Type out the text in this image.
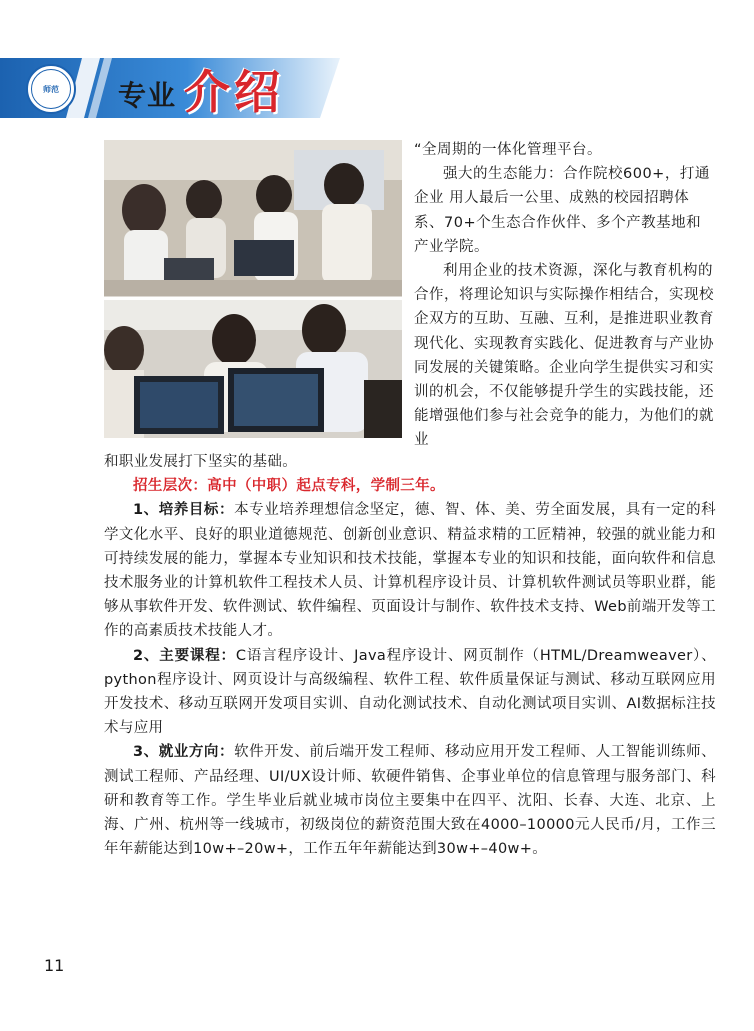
师范	专业 介绍

“全周期的一体化管理平台。

强大的生态能力：合作院校600+，打通企业 用人最后一公里、成熟的校园招聘体系、70+个生态合作伙伴、多个产教基地和产业学院。

利用企业的技术资源，深化与教育机构的合作，将理论知识与实际操作相结合，实现校企双方的互助、互融、互利，是推进职业教育现代化、实现教育实践化、促进教育与产业协同发展的关键策略。企业向学生提供实习和实训的机会，不仅能够提升学生的实践技能，还能增强他们参与社会竞争的能力，为他们的就业

和职业发展打下坚实的基础。

招生层次：高中（中职）起点专科，学制三年。

1、培养目标：本专业培养理想信念坚定，德、智、体、美、劳全面发展，具有一定的科学文化水平、良好的职业道德规范、创新创业意识、精益求精的工匠精神，较强的就业能力和可持续发展的能力，掌握本专业知识和技术技能，掌握本专业的知识和技能，面向软件和信息技术服务业的计算机软件工程技术人员、计算机程序设计员、计算机软件测试员等职业群，能够从事软件开发、软件测试、软件编程、页面设计与制作、软件技术支持、Web前端开发等工作的高素质技术技能人才。

2、主要课程：C语言程序设计、Java程序设计、网页制作（HTML/Dreamweaver）、python程序设计、网页设计与高级编程、软件工程、软件质量保证与测试、移动互联网应用开发技术、移动互联网开发项目实训、自动化测试技术、自动化测试项目实训、AI数据标注技术与应用

3、就业方向：软件开发、前后端开发工程师、移动应用开发工程师、人工智能训练师、测试工程师、产品经理、UI/UX设计师、软硬件销售、企事业单位的信息管理与服务部门、科研和教育等工作。学生毕业后就业城市岗位主要集中在四平、沈阳、长春、大连、北京、上海、广州、杭州等一线城市，初级岗位的薪资范围大致在4000–10000元人民币/月，工作三年年薪能达到10w+–20w+，工作五年年薪能达到30w+–40w+。

11
